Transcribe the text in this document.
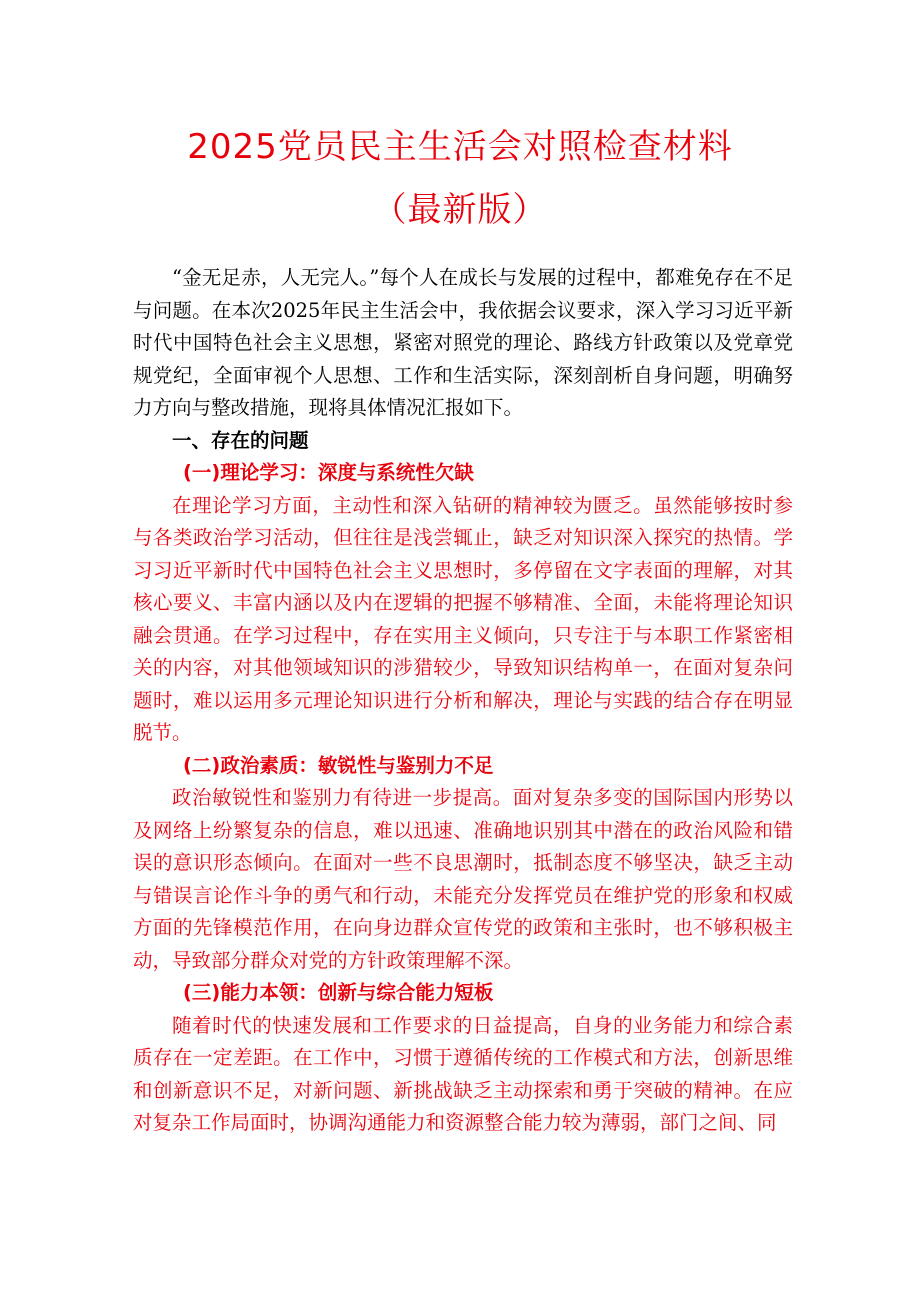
2025党员民主生活会对照检查材料
（最新版）

“金无足赤，人无完人。”每个人在成长与发展的过程中，都难免存在不足与问题。在本次2025年民主生活会中，我依据会议要求，深入学习习近平新时代中国特色社会主义思想，紧密对照党的理论、路线方针政策以及党章党规党纪，全面审视个人思想、工作和生活实际，深刻剖析自身问题，明确努力方向与整改措施，现将具体情况汇报如下。

一、存在的问题

(一)理论学习：深度与系统性欠缺

在理论学习方面，主动性和深入钻研的精神较为匮乏。虽然能够按时参与各类政治学习活动，但往往是浅尝辄止，缺乏对知识深入探究的热情。学习习近平新时代中国特色社会主义思想时，多停留在文字表面的理解，对其核心要义、丰富内涵以及内在逻辑的把握不够精准、全面，未能将理论知识融会贯通。在学习过程中，存在实用主义倾向，只专注于与本职工作紧密相关的内容，对其他领域知识的涉猎较少，导致知识结构单一，在面对复杂问题时，难以运用多元理论知识进行分析和解决，理论与实践的结合存在明显脱节。

(二)政治素质：敏锐性与鉴别力不足

政治敏锐性和鉴别力有待进一步提高。面对复杂多变的国际国内形势以及网络上纷繁复杂的信息，难以迅速、准确地识别其中潜在的政治风险和错误的意识形态倾向。在面对一些不良思潮时，抵制态度不够坚决，缺乏主动与错误言论作斗争的勇气和行动，未能充分发挥党员在维护党的形象和权威方面的先锋模范作用，在向身边群众宣传党的政策和主张时，也不够积极主动，导致部分群众对党的方针政策理解不深。

(三)能力本领：创新与综合能力短板

随着时代的快速发展和工作要求的日益提高，自身的业务能力和综合素质存在一定差距。在工作中，习惯于遵循传统的工作模式和方法，创新思维和创新意识不足，对新问题、新挑战缺乏主动探索和勇于突破的精神。在应对复杂工作局面时，协调沟通能力和资源整合能力较为薄弱，部门之间、同
